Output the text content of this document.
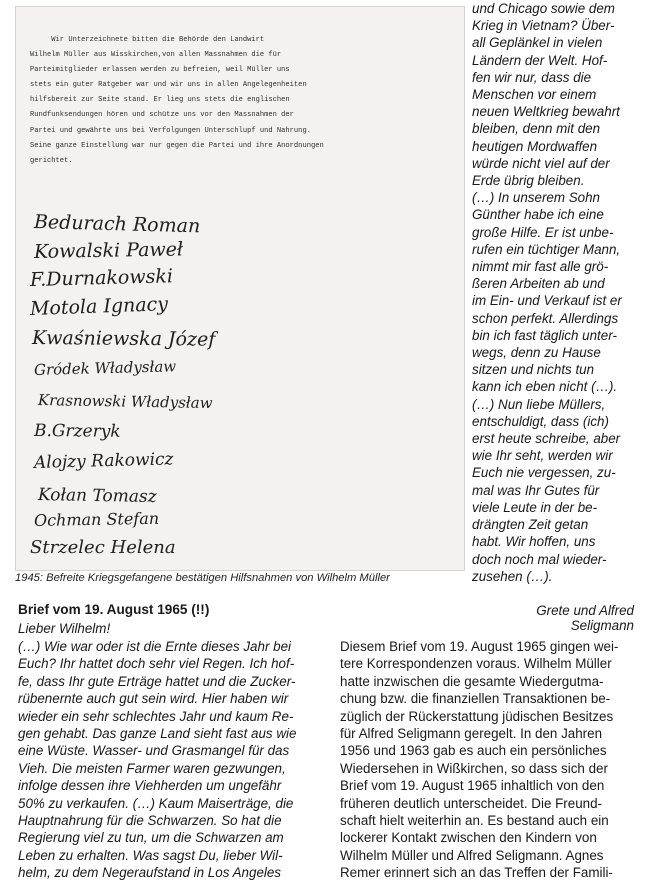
Wir Unterzeichnete bitten die Behörde den Landwirt
Wilhelm Müller aus Wisskirchen,von allen Massnahmen die für
Parteimitglieder erlassen werden zu befreien, weil Müller uns
stets ein guter Ratgeber war und wir uns in allen Angelegenheiten
hilfsbereit zur Seite stand. Er lieg uns stets die englischen
Rundfunksendungen hören und schütze uns vor den Massnahmen der
Partei und gewährte uns bei Verfolgungen Unterschlupf und Nahrung.
Seine ganze Einstellung war nur gegen die Partei und ihre Anordnungen
gerichtet.
Bedurach Roman
Kowalski Paweł
F.Durnakowski
Motola Ignacy
Kwaśniewska Józef
Gródek Władysław
Krasnowski Władysław
B.Grzeryk
Alojzy Rakowicz
Kołan Tomasz
Ochman Stefan
Strzelec Helena
1945: Befreite Kriegsgefangene bestätigen Hilfsnahmen von Wilhelm Müller

und Chicago sowie dem

Krieg in Vietnam? Über-

all Geplänkel in vielen

Ländern der Welt. Hof-

fen wir nur, dass die

Menschen vor einem

neuen Weltkrieg bewahrt

bleiben, denn mit den

heutigen Mordwaffen

würde nicht viel auf der

Erde übrig bleiben.

(…) In unserem Sohn

Günther habe ich eine

große Hilfe. Er ist unbe-

rufen ein tüchtiger Mann,

nimmt mir fast alle grö-

ßeren Arbeiten ab und

im Ein- und Verkauf ist er

schon perfekt. Allerdings

bin ich fast täglich unter-

wegs, denn zu Hause

sitzen und nichts tun

kann ich eben nicht (…).

(…) Nun liebe Müllers,

entschuldigt, dass (ich)

erst heute schreibe, aber

wie Ihr seht, werden wir

Euch nie vergessen, zu-

mal was Ihr Gutes für

viele Leute in der be-

drängten Zeit getan

habt. Wir hoffen, uns

doch noch mal wieder-

zusehen (…).

Grete und Alfred Seligmann
Brief vom 19. August 1965 (!!)
Lieber Wilhelm!

(…) Wie war oder ist die Ernte dieses Jahr bei

Euch? Ihr hattet doch sehr viel Regen. Ich hof-

fe, dass Ihr gute Erträge hattet und die Zucker-

rübenernte auch gut sein wird. Hier haben wir

wieder ein sehr schlechtes Jahr und kaum Re-

gen gehabt. Das ganze Land sieht fast aus wie

eine Wüste. Wasser- und Grasmangel für das

Vieh. Die meisten Farmer waren gezwungen,

infolge dessen ihre Viehherden um ungefähr

50% zu verkaufen. (…) Kaum Maiserträge, die

Hauptnahrung für die Schwarzen. So hat die

Regierung viel zu tun, um die Schwarzen am

Leben zu erhalten. Was sagst Du, lieber Wil-

helm, zu dem Negeraufstand in Los Angeles

Diesem Brief vom 19. August 1965 gingen wei-

tere Korrespondenzen voraus. Wilhelm Müller

hatte inzwischen die gesamte Wiedergutma-

chung bzw. die finanziellen Transaktionen be-

züglich der Rückerstattung jüdischen Besitzes

für Alfred Seligmann geregelt. In den Jahren

1956 und 1963 gab es auch ein persönliches

Wiedersehen in Wißkirchen, so dass sich der

Brief vom 19. August 1965 inhaltlich von den

früheren deutlich unterscheidet. Die Freund-

schaft hielt weiterhin an. Es bestand auch ein

lockerer Kontakt zwischen den Kindern von

Wilhelm Müller und Alfred Seligmann. Agnes

Remer erinnert sich an das Treffen der Famili-
